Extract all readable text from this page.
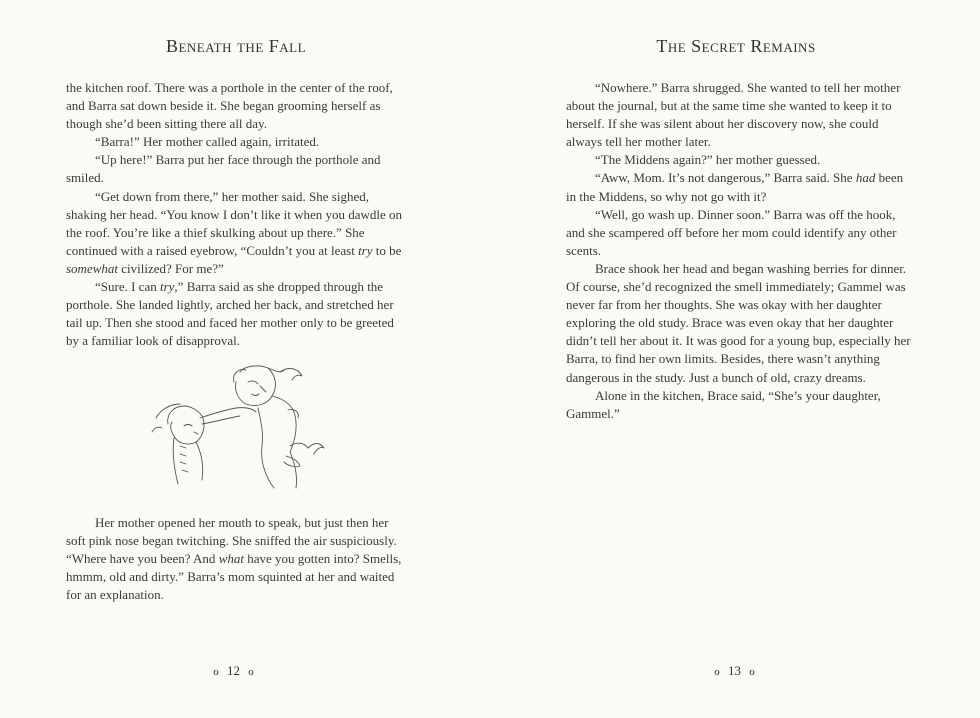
Beneath the Fall

the kitchen roof. There was a porthole in the center of the roof, and Barra sat down beside it. She began grooming herself as though she’d been sitting there all day.

“Barra!” Her mother called again, irritated.

“Up here!” Barra put her face through the porthole and smiled.

“Get down from there,” her mother said. She sighed, shaking her head. “You know I don’t like it when you dawdle on the roof. You’re like a thief skulking about up there.” She continued with a raised eyebrow, “Couldn’t you at least try to be somewhat civilized? For me?”

“Sure. I can try,” Barra said as she dropped through the porthole. She landed lightly, arched her back, and stretched her tail up. Then she stood and faced her mother only to be greeted by a familiar look of disapproval.

Her mother opened her mouth to speak, but just then her soft pink nose began twitching. She sniffed the air suspiciously. “Where have you been? And what have you gotten into? Smells, hmmm, old and dirty.” Barra’s mom squinted at her and waited for an explanation.

ℴ 12 ℴ
The Secret Remains

“Nowhere.” Barra shrugged. She wanted to tell her mother about the journal, but at the same time she wanted to keep it to herself. If she was silent about her discovery now, she could always tell her mother later.

“The Middens again?” her mother guessed.

“Aww, Mom. It’s not dangerous,” Barra said. She had been in the Middens, so why not go with it?

“Well, go wash up. Dinner soon.” Barra was off the hook, and she scampered off before her mom could identify any other scents.

Brace shook her head and began washing berries for dinner. Of course, she’d recognized the smell immediately; Gammel was never far from her thoughts. She was okay with her daughter exploring the old study. Brace was even okay that her daughter didn’t tell her about it. It was good for a young bup, especially her Barra, to find her own limits. Besides, there wasn’t anything dangerous in the study. Just a bunch of old, crazy dreams.

Alone in the kitchen, Brace said, “She’s your daughter, Gammel.”

ℴ 13 ℴ
